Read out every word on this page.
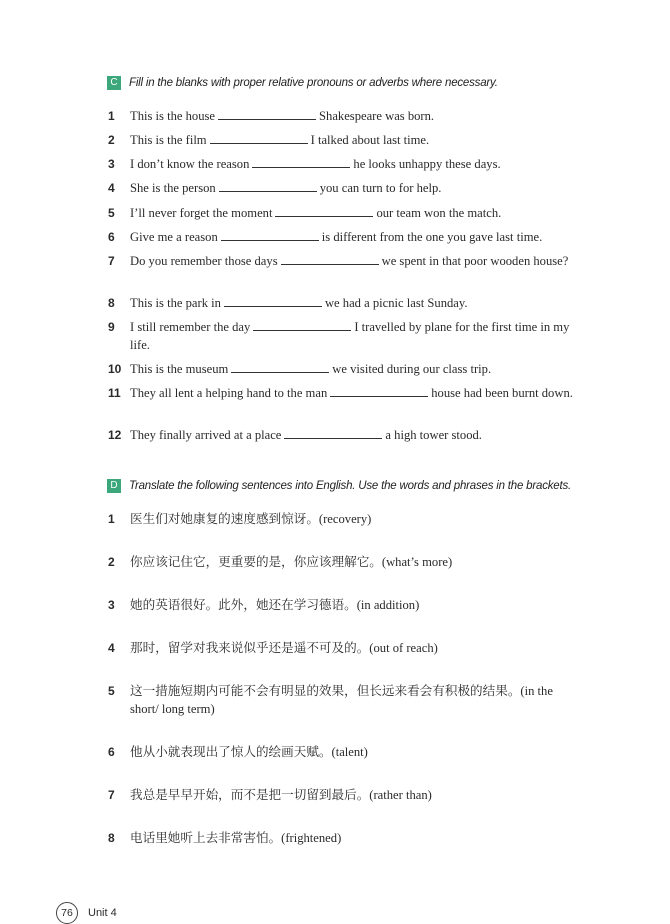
C Fill in the blanks with proper relative pronouns or adverbs where necessary.
1	This is the house	Shakespeare was born.
2	This is the film	I talked about last time.
3	I don’t know the reason	he looks unhappy these days.
4	She is the person	you can turn to for help.
5	I’ll never forget the moment	our team won the match.
6	Give me a reason	is different from the one you gave last time.
7	Do you remember those days	we spent in that poor wooden house?
8	This is the park in	we had a picnic last Sunday.
9	I still remember the day	I travelled by plane for the first time in my life.
10 This is the museum	we visited during our class trip.
11 They all lent a helping hand to the man	house had been burnt down.
12 They finally arrived at a place	a high tower stood.
D Translate the following sentences into English. Use the words and phrases in the brackets.
1	医生们对她康复的速度感到惊讶。(recovery)
2	你应该记住它，更重要的是，你应该理解它。(what’s more)
3	她的英语很好。此外，她还在学习德语。(in addition)
4	那时，留学对我来说似乎还是遥不可及的。(out of reach)
5	这一措施短期内可能不会有明显的效果，但长远来看会有积极的结果。(in the short/ long term)
6	他从小就表现出了惊人的绘画天赋。(talent)
7	我总是早早开始，而不是把一切留到最后。(rather than)
8	电话里她听上去非常害怕。(frightened)
76	Unit 4
